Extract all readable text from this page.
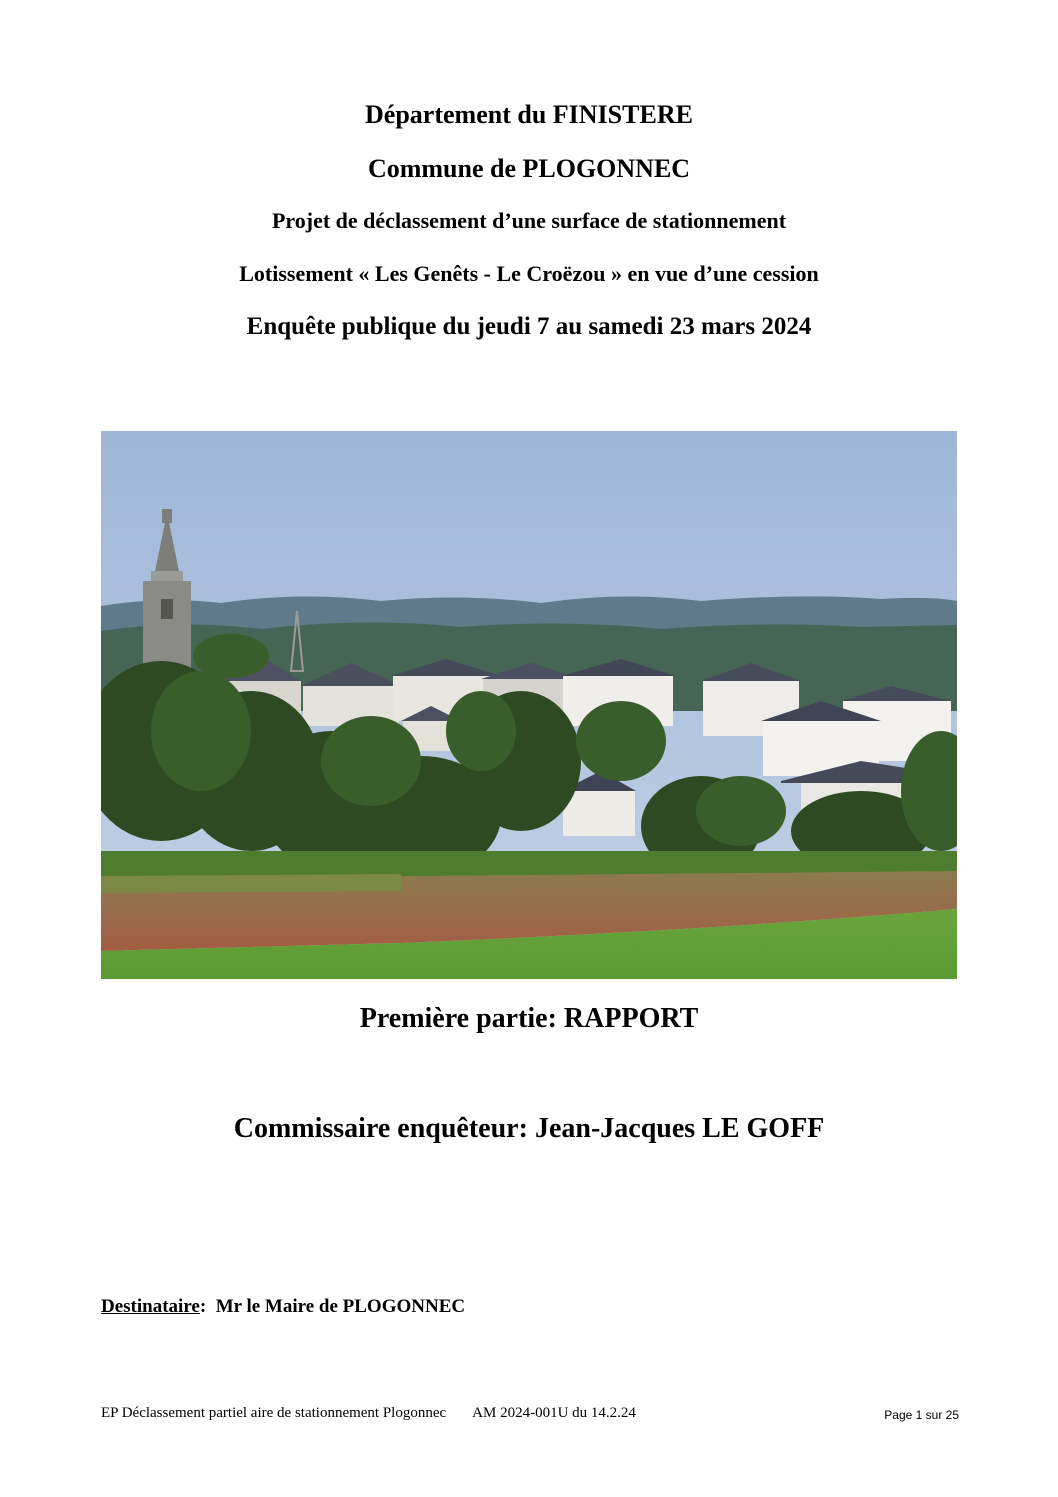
Département du FINISTERE
Commune de PLOGONNEC
Projet de déclassement d’une surface de stationnement
Lotissement « Les Genêts - Le Croëzou » en vue d’une cession
Enquête publique du jeudi 7 au samedi 23 mars 2024
Première partie: RAPPORT
Commissaire enquêteur: Jean-Jacques LE GOFF
Destinataire: Mr le Maire de PLOGONNEC
EP Déclassement partiel aire de stationnement Plogonnec AM 2024-001U du 14.2.24	Page 1 sur 25
